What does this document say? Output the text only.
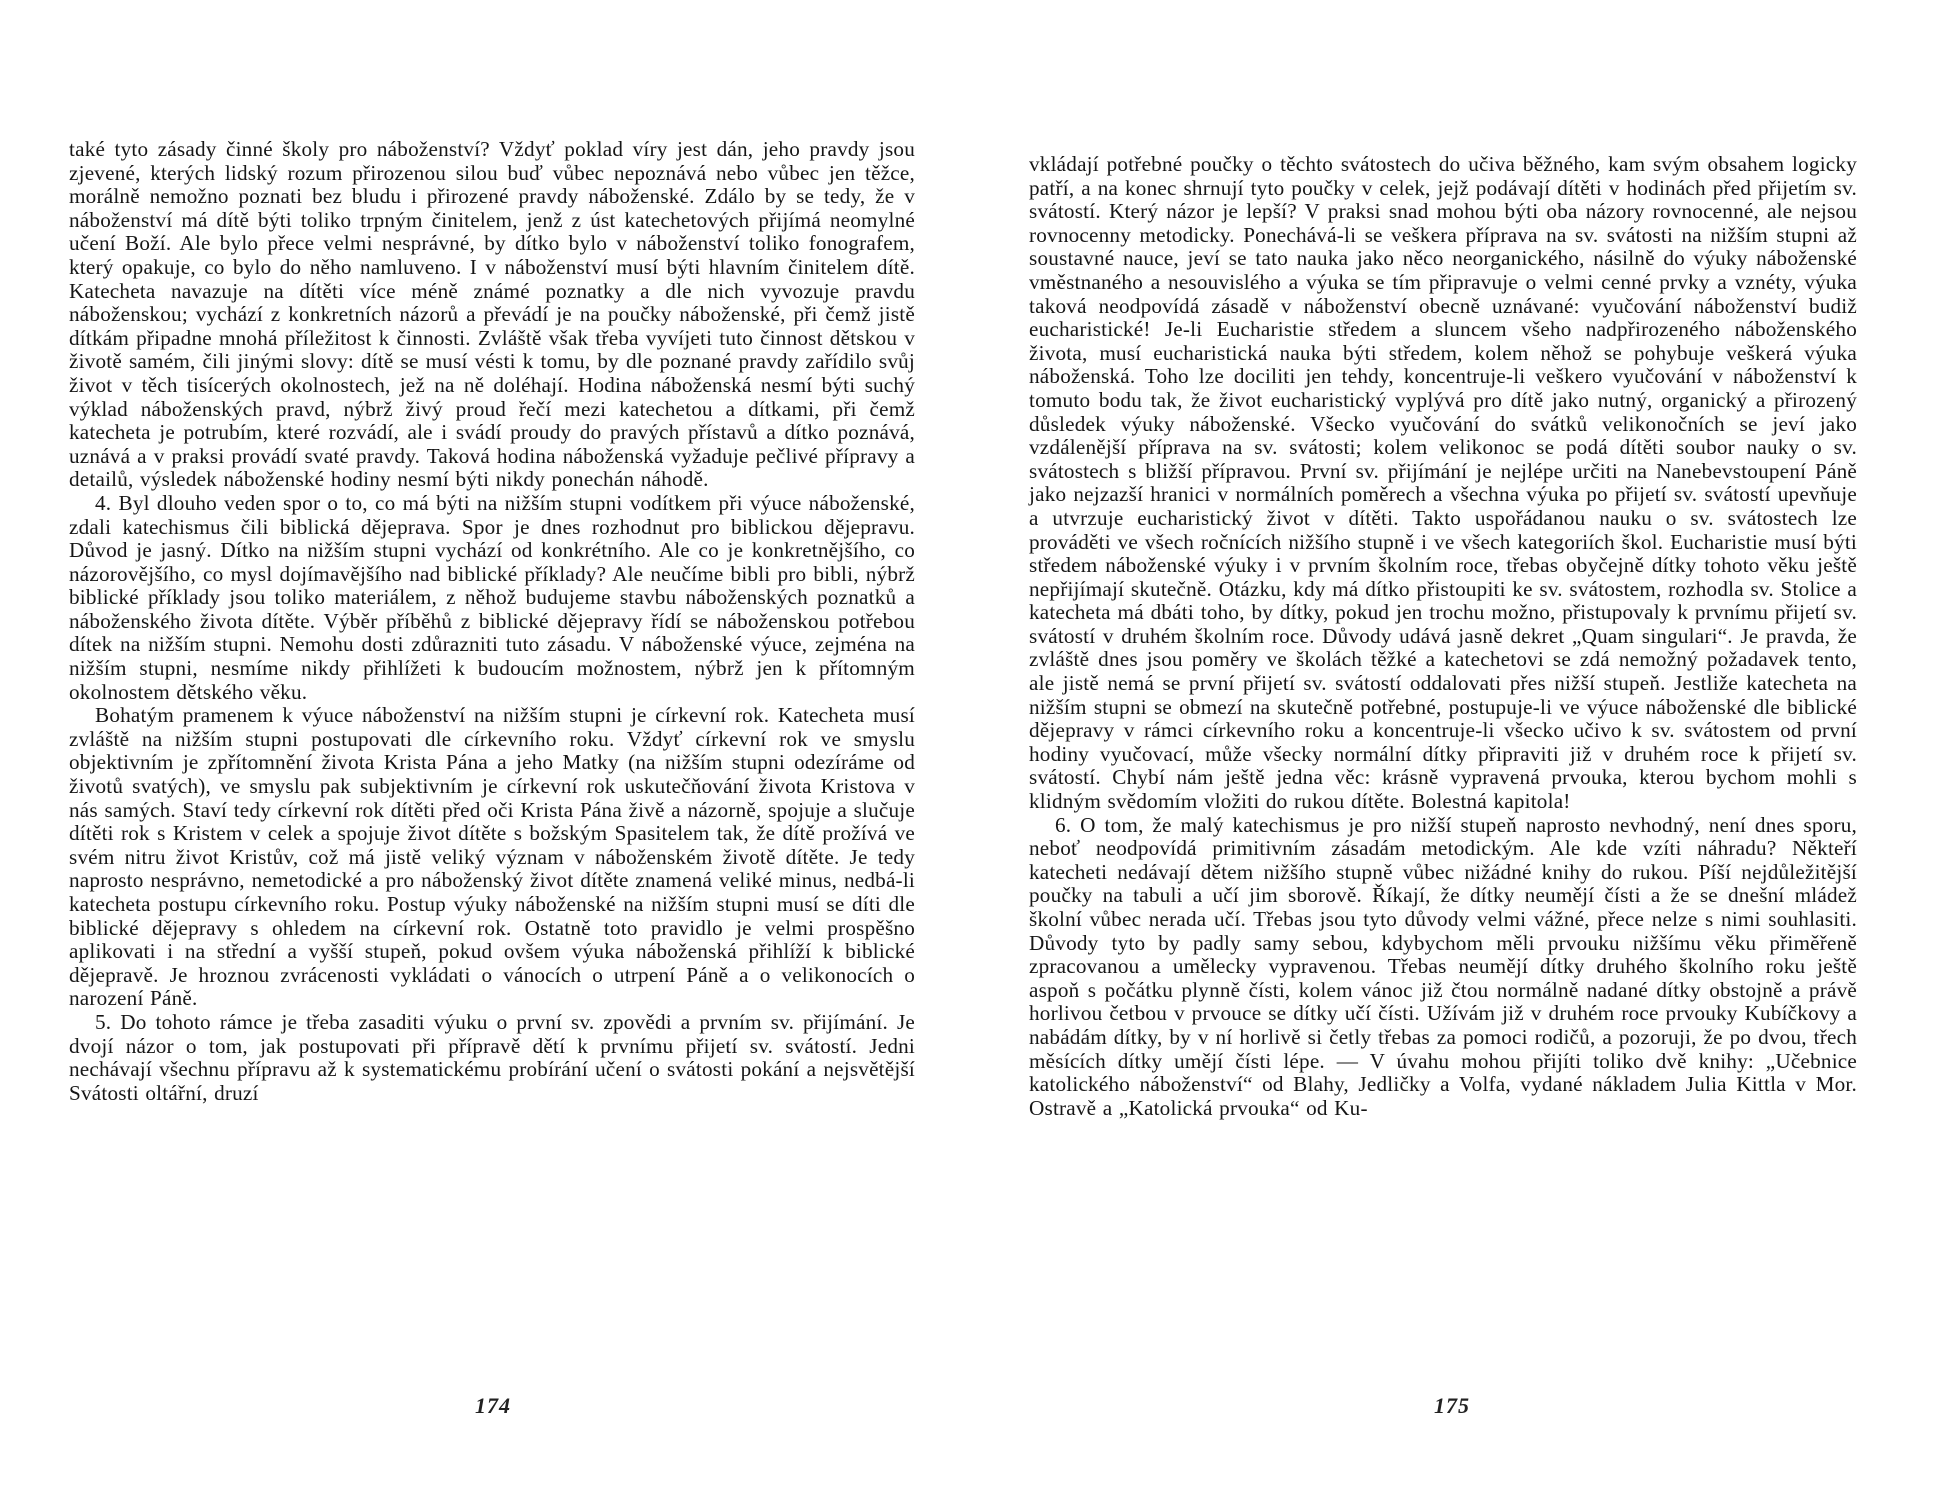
také tyto zásady činné školy pro náboženství? Vždyť poklad víry jest dán, jeho pravdy jsou zjevené, kterých lidský rozum přirozenou silou buď vůbec nepoznává nebo vůbec jen těžce, morálně nemožno poznati bez bludu i přirozené pravdy náboženské. Zdálo by se tedy, že v náboženství má dítě býti toliko trpným činitelem, jenž z úst katechetových přijímá neomylné učení Boží. Ale bylo přece velmi nesprávné, by dítko bylo v náboženství toliko fonografem, který opakuje, co bylo do něho namluveno. I v náboženství musí býti hlavním činitelem dítě. Katecheta navazuje na dítěti více méně známé poznatky a dle nich vyvozuje pravdu náboženskou; vychází z konkretních názorů a převádí je na poučky náboženské, při čemž jistě dítkám připadne mnohá příležitost k činnosti. Zvláště však třeba vyvíjeti tuto činnost dětskou v životě samém, čili jinými slovy: dítě se musí vésti k tomu, by dle poznané pravdy zařídilo svůj život v těch tisícerých okolnostech, jež na ně doléhají. Hodina náboženská nesmí býti suchý výklad náboženských pravd, nýbrž živý proud řečí mezi katechetou a dítkami, při čemž katecheta je potrubím, které rozvádí, ale i svádí proudy do pravých přístavů a dítko poznává, uznává a v praksi provádí svaté pravdy. Taková hodina náboženská vyžaduje pečlivé přípravy a detailů, výsledek náboženské hodiny nesmí býti nikdy ponechán náhodě.

4. Byl dlouho veden spor o to, co má býti na nižším stupni vodítkem při výuce náboženské, zdali katechismus čili biblická dějeprava. Spor je dnes rozhodnut pro biblickou dějepravu. Důvod je jasný. Dítko na nižším stupni vychází od konkrétního. Ale co je konkretnějšího, co názorovějšího, co mysl dojímavějšího nad biblické příklady? Ale neučíme bibli pro bibli, nýbrž biblické příklady jsou toliko materiálem, z něhož budujeme stavbu náboženských poznatků a náboženského života dítěte. Výběr příběhů z biblické dějepravy řídí se náboženskou potřebou dítek na nižším stupni. Nemohu dosti zdůrazniti tuto zásadu. V náboženské výuce, zejména na nižším stupni, nesmíme nikdy přihlížeti k budoucím možnostem, nýbrž jen k přítomným okolnostem dětského věku.

Bohatým pramenem k výuce náboženství na nižším stupni je církevní rok. Katecheta musí zvláště na nižším stupni postupovati dle církevního roku. Vždyť církevní rok ve smyslu objektivním je zpřítomnění života Krista Pána a jeho Matky (na nižším stupni odezíráme od životů svatých), ve smyslu pak subjektivním je církevní rok uskutečňování života Kristova v nás samých. Staví tedy církevní rok dítěti před oči Krista Pána živě a názorně, spojuje a slučuje dítěti rok s Kristem v celek a spojuje život dítěte s božským Spasitelem tak, že dítě prožívá ve svém nitru život Kristův, což má jistě veliký význam v náboženském životě dítěte. Je tedy naprosto nesprávno, nemetodické a pro náboženský život dítěte znamená veliké minus, nedbá-li katecheta postupu církevního roku. Postup výuky náboženské na nižším stupni musí se díti dle biblické dějepravy s ohledem na církevní rok. Ostatně toto pravidlo je velmi prospěšno aplikovati i na střední a vyšší stupeň, pokud ovšem výuka náboženská přihlíží k biblické dějepravě. Je hroznou zvrácenosti vykládati o vánocích o utrpení Páně a o velikonocích o narození Páně.

5. Do tohoto rámce je třeba zasaditi výuku o první sv. zpovědi a prvním sv. přijímání. Je dvojí názor o tom, jak postupovati při přípravě dětí k prvnímu přijetí sv. svátostí. Jedni nechávají všechnu přípravu až k systematickému probírání učení o svátosti pokání a nejsvětější Svátosti oltářní, druzí

174

vkládají potřebné poučky o těchto svátostech do učiva běžného, kam svým obsahem logicky patří, a na konec shrnují tyto poučky v celek, jejž podávají dítěti v hodinách před přijetím sv. svátostí. Který názor je lepší? V praksi snad mohou býti oba názory rovnocenné, ale nejsou rovnocenny metodicky. Ponechává-li se veškera příprava na sv. svátosti na nižším stupni až soustavné nauce, jeví se tato nauka jako něco neorganického, násilně do výuky náboženské vměstnaného a nesouvislého a výuka se tím připravuje o velmi cenné prvky a vznéty, výuka taková neodpovídá zásadě v náboženství obecně uznávané: vyučování náboženství budiž eucharistické! Je-li Eucharistie středem a sluncem všeho nadpřirozeného náboženského života, musí eucharistická nauka býti středem, kolem něhož se pohybuje veškerá výuka náboženská. Toho lze dociliti jen tehdy, koncentruje-li veškero vyučování v náboženství k tomuto bodu tak, že život eucharistický vyplývá pro dítě jako nutný, organický a přirozený důsledek výuky náboženské. Všecko vyučování do svátků velikonočních se jeví jako vzdálenější příprava na sv. svátosti; kolem velikonoc se podá dítěti soubor nauky o sv. svátostech s bližší přípravou. První sv. přijímání je nejlépe určiti na Nanebevstoupení Páně jako nejzazší hranici v normálních poměrech a všechna výuka po přijetí sv. svátostí upevňuje a utvrzuje eucharistický život v dítěti. Takto uspořádanou nauku o sv. svátostech lze prováděti ve všech ročnících nižšího stupně i ve všech kategoriích škol. Eucharistie musí býti středem náboženské výuky i v prvním školním roce, třebas obyčejně dítky tohoto věku ještě nepřijímají skutečně. Otázku, kdy má dítko přistoupiti ke sv. svátostem, rozhodla sv. Stolice a katecheta má dbáti toho, by dítky, pokud jen trochu možno, přistupovaly k prvnímu přijetí sv. svátostí v druhém školním roce. Důvody udává jasně dekret „Quam singulari“. Je pravda, že zvláště dnes jsou poměry ve školách těžké a katechetovi se zdá nemožný požadavek tento, ale jistě nemá se první přijetí sv. svátostí oddalovati přes nižší stupeň. Jestliže katecheta na nižším stupni se obmezí na skutečně potřebné, postupuje-li ve výuce náboženské dle biblické dějepravy v rámci církevního roku a koncentruje-li všecko učivo k sv. svátostem od první hodiny vyučovací, může všecky normální dítky připraviti již v druhém roce k přijetí sv. svátostí. Chybí nám ještě jedna věc: krásně vypravená prvouka, kterou bychom mohli s klidným svědomím vložiti do rukou dítěte. Bolestná kapitola!

6. O tom, že malý katechismus je pro nižší stupeň naprosto nevhodný, není dnes sporu, neboť neodpovídá primitivním zásadám metodickým. Ale kde vzíti náhradu? Někteří katecheti nedávají dětem nižšího stupně vůbec nižádné knihy do rukou. Píší nejdůležitější poučky na tabuli a učí jim sborově. Říkají, že dítky neumějí čísti a že se dnešní mládež školní vůbec nerada učí. Třebas jsou tyto důvody velmi vážné, přece nelze s nimi souhlasiti. Důvody tyto by padly samy sebou, kdybychom měli prvouku nižšímu věku přiměřeně zpracovanou a umělecky vypravenou. Třebas neumějí dítky druhého školního roku ještě aspoň s počátku plynně čísti, kolem vánoc již čtou normálně nadané dítky obstojně a právě horlivou četbou v prvouce se dítky učí čísti. Užívám již v druhém roce prvouky Kubíčkovy a nabádám dítky, by v ní horlivě si četly třebas za pomoci rodičů, a pozoruji, že po dvou, třech měsících dítky umějí čísti lépe. — V úvahu mohou přijíti toliko dvě knihy: „Učebnice katolického náboženství“ od Blahy, Jedličky a Volfa, vydané nákladem Julia Kittla v Mor. Ostravě a „Katolická prvouka“ od Ku-

175
